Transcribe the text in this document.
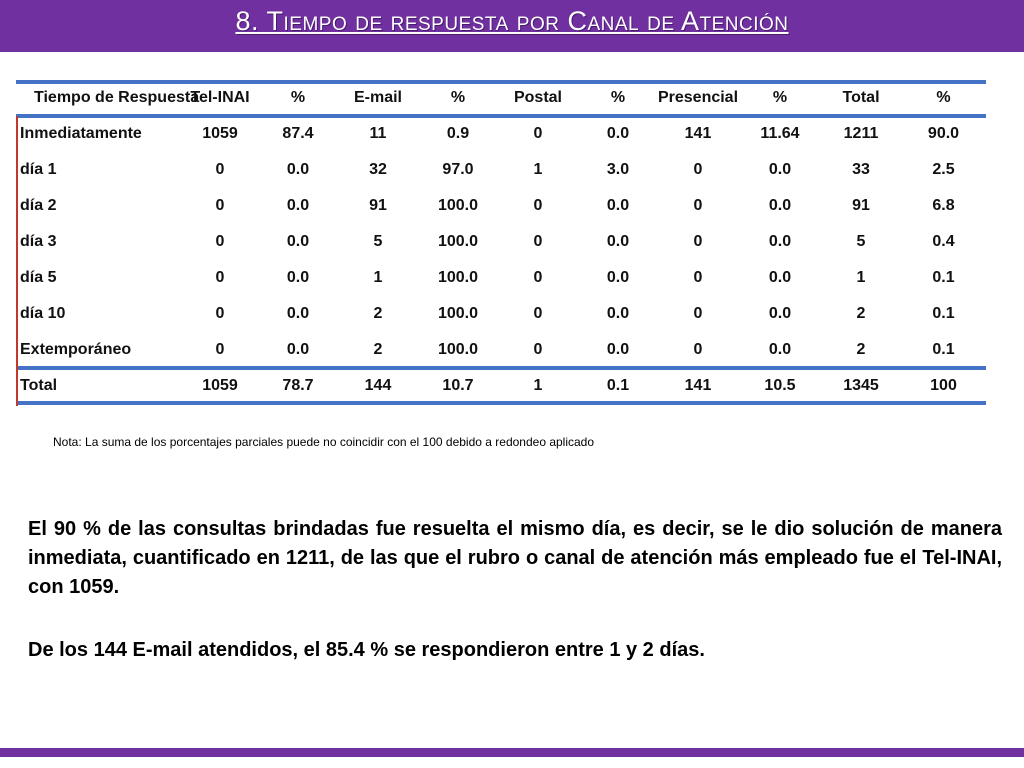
8. Tiempo de respuesta por Canal de Atención
Tiempo de Respuesta	Tel-INAI	%	E-mail	%	Postal	%	Presencial	%	Total	%
Inmediatamente	1059	87.4	11	0.9	0	0.0	141	11.64	1211	90.0
día 1	0	0.0	32	97.0	1	3.0	0	0.0	33	2.5
día 2	0	0.0	91	100.0	0	0.0	0	0.0	91	6.8
día 3	0	0.0	5	100.0	0	0.0	0	0.0	5	0.4
día 5	0	0.0	1	100.0	0	0.0	0	0.0	1	0.1
día 10	0	0.0	2	100.0	0	0.0	0	0.0	2	0.1
Extemporáneo	0	0.0	2	100.0	0	0.0	0	0.0	2	0.1
Total	1059	78.7	144	10.7	1	0.1	141	10.5	1345	100
Nota: La suma de los porcentajes parciales puede no coincidir con el 100 debido a redondeo aplicado

El 90 % de las consultas brindadas fue resuelta el mismo día, es decir, se le dio solución de manera inmediata, cuantificado en 1211, de las que el rubro o canal de atención más empleado fue el Tel-INAI, con 1059.

De los 144 E-mail atendidos, el 85.4 % se respondieron entre 1 y 2 días.
